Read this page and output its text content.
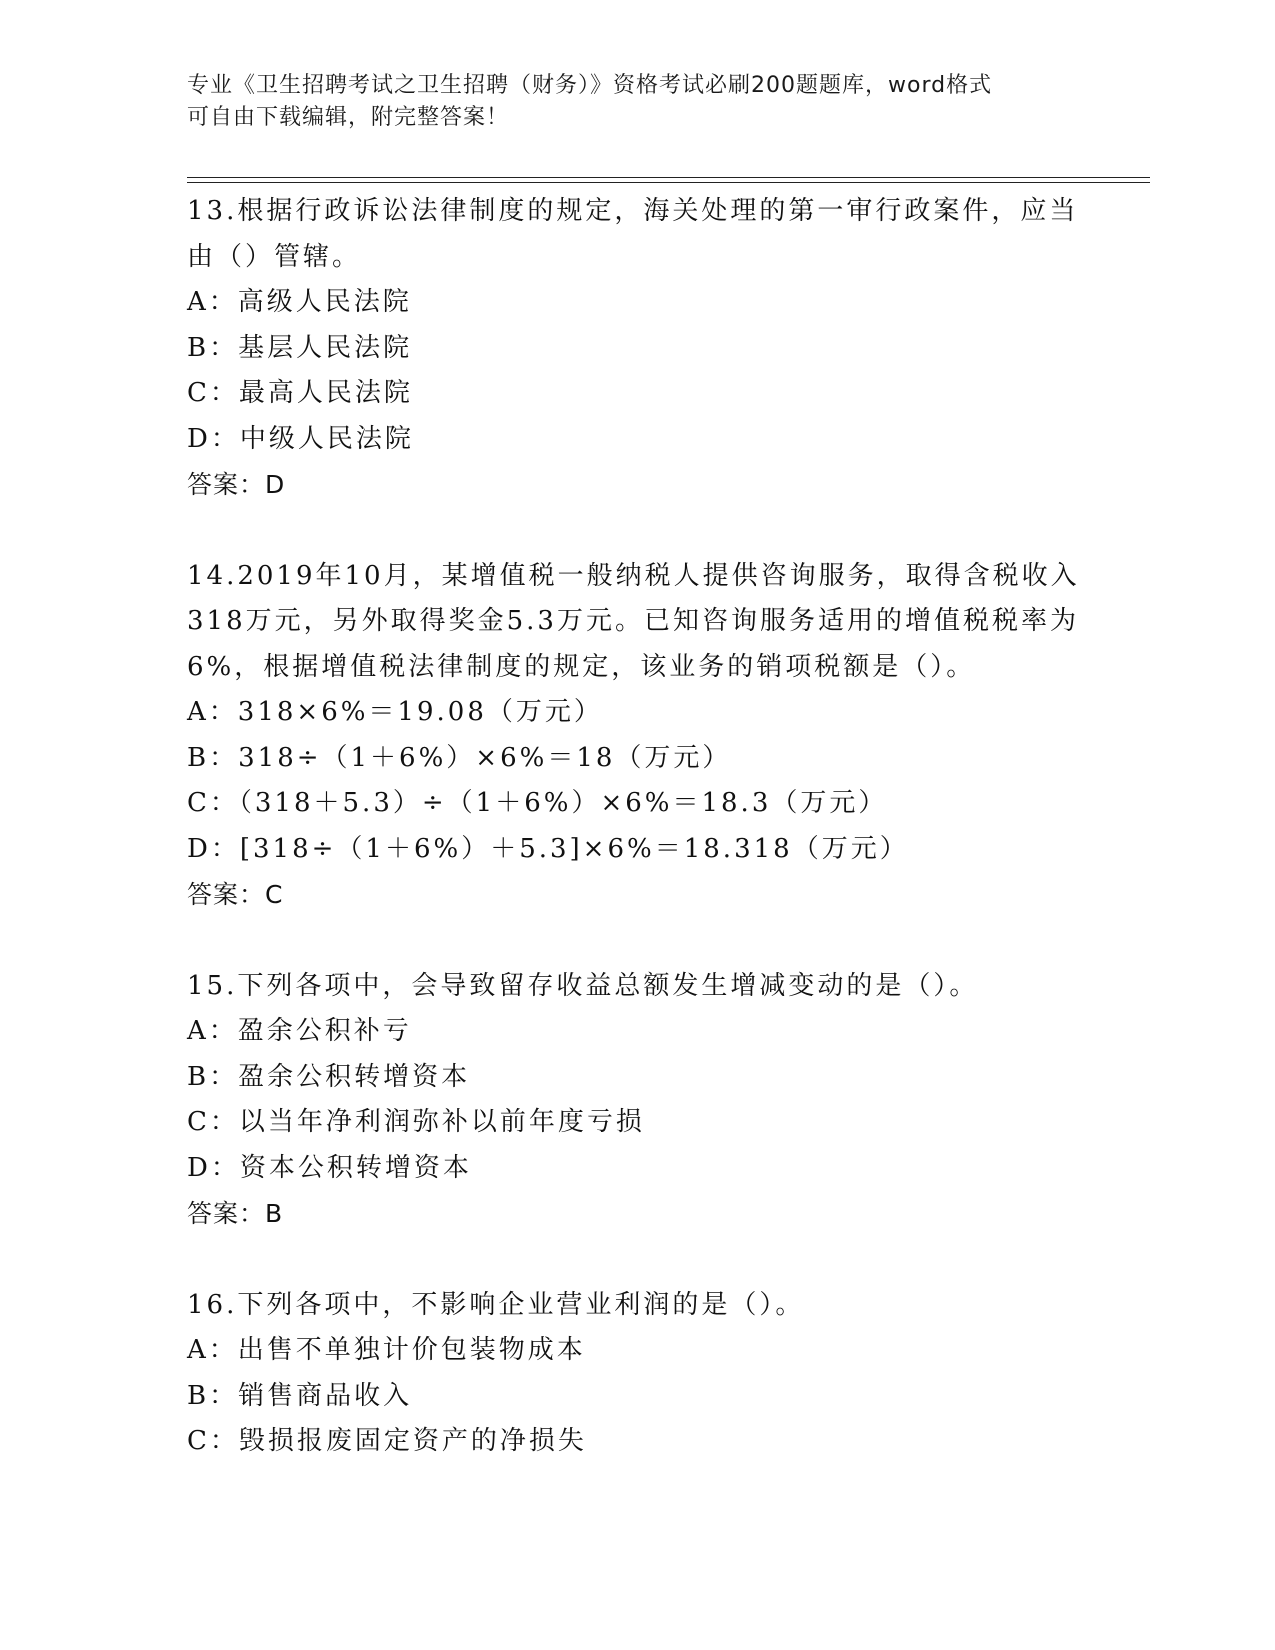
专业《卫生招聘考试之卫生招聘（财务）》资格考试必刷200题题库，word格式
可自由下载编辑，附完整答案！
13.根据行政诉讼法律制度的规定，海关处理的第一审行政案件，应当
由（）管辖。
A：高级人民法院
B：基层人民法院
C：最高人民法院
D：中级人民法院
答案：D
14.2019年10月，某增值税一般纳税人提供咨询服务，取得含税收入
318万元，另外取得奖金5.3万元。已知咨询服务适用的增值税税率为
6%，根据增值税法律制度的规定，该业务的销项税额是（）。
A：318×6%＝19.08（万元）
B：318÷（1＋6%）×6%＝18（万元）
C：（318＋5.3）÷（1＋6%）×6%＝18.3（万元）
D：[318÷（1＋6%）＋5.3]×6%＝18.318（万元）
答案：C
15.下列各项中，会导致留存收益总额发生增减变动的是（）。
A：盈余公积补亏
B：盈余公积转增资本
C：以当年净利润弥补以前年度亏损
D：资本公积转增资本
答案：B
16.下列各项中，不影响企业营业利润的是（）。
A：出售不单独计价包装物成本
B：销售商品收入
C：毁损报废固定资产的净损失
